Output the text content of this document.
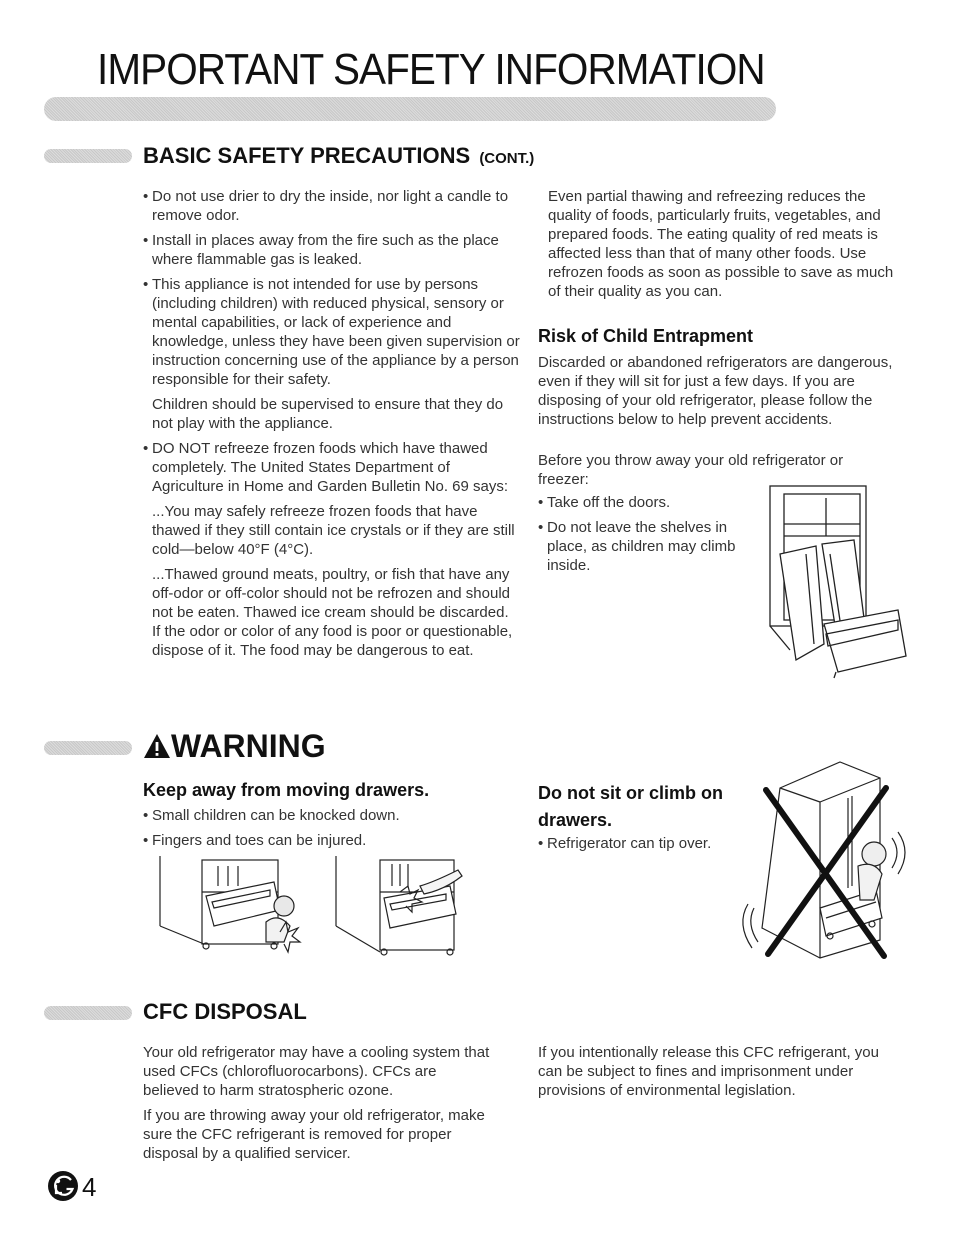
IMPORTANT SAFETY INFORMATION
BASIC SAFETY PRECAUTIONS (CONT.)
• Do not use drier to dry the inside, nor light a candle to remove odor.
• Install in places away from the fire such as the place where flammable gas is leaked.
• This appliance is not intended for use by persons (including children) with reduced physical, sensory or mental capabilities, or lack of experience and knowledge, unless they have been given supervision or instruction concerning use of the appliance by a person responsible for their safety.
Children should be supervised to ensure that they do not play with the appliance.
• DO NOT refreeze frozen foods which have thawed completely. The United States Department of Agriculture in Home and Garden Bulletin No. 69 says:
...You may safely refreeze frozen foods that have thawed if they still contain ice crystals or if they are still cold—below 40°F (4°C).
...Thawed ground meats, poultry, or fish that have any off-odor or off-color should not be refrozen and should not be eaten. Thawed ice cream should be discarded. If the odor or color of any food is poor or questionable, dispose of it. The food may be dangerous to eat.
Even partial thawing and refreezing reduces the quality of foods, particularly fruits, vegetables, and prepared foods. The eating quality of red meats is affected less than that of many other foods. Use refrozen foods as soon as possible to save as much of their quality as you can.
Risk of Child Entrapment
Discarded or abandoned refrigerators are dangerous, even if they will sit for just a few days. If you are disposing of your old refrigerator, please follow the instructions below to help prevent accidents.
Before you throw away your old refrigerator or freezer:
• Take off the doors.
• Do not leave the shelves in place, as children may climb inside.
WARNING
Keep away from moving drawers.
• Small children can be knocked down.
• Fingers and toes can be injured.
Do not sit or climb on drawers.
• Refrigerator can tip over.
CFC DISPOSAL

Your old refrigerator may have a cooling system that used CFCs (chlorofluorocarbons). CFCs are believed to harm stratospheric ozone.

If you are throwing away your old refrigerator, make sure the CFC refrigerant is removed for proper disposal by a qualified servicer.

If you intentionally release this CFC refrigerant, you can be subject to fines and imprisonment under provisions of environmental legislation.
4
